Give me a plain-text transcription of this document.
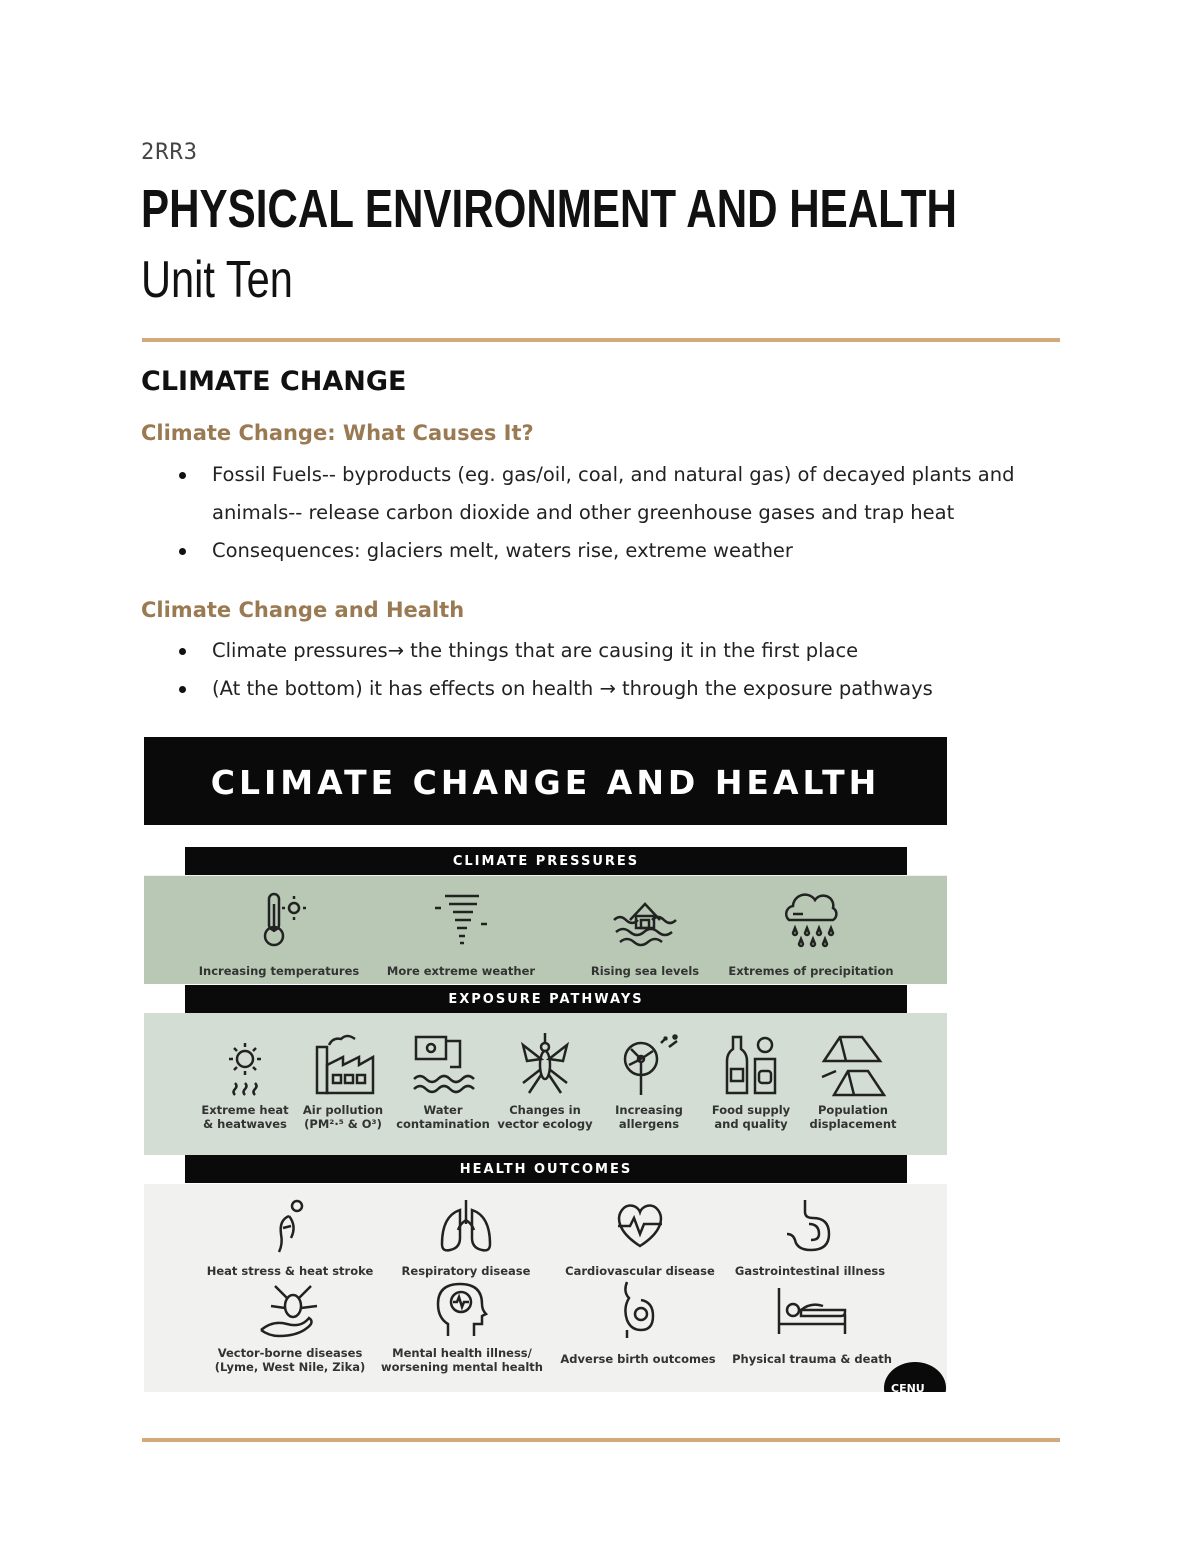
2RR3
PHYSICAL ENVIRONMENT AND HEALTH
Unit Ten
CLIMATE CHANGE
Climate Change: What Causes It?
Fossil Fuels-- byproducts (eg. gas/oil, coal, and natural gas) of decayed plants and animals-- release carbon dioxide and other greenhouse gases and trap heat
Consequences: glaciers melt, waters rise, extreme weather
Climate Change and Health
Climate pressures→ the things that are causing it in the first place
(At the bottom) it has effects on health → through the exposure pathways
CLIMATE CHANGE AND HEALTH
Increasing temperatures	More extreme weather	Rising sea levels	Extremes of precipitation
Extreme heat
& heatwaves
Air pollution
(PM²·⁵ & O³)
Water
contamination
Changes in
vector ecology
Increasing
allergens
Food supply
and quality
Population
displacement
Heat stress & heat stroke	Respiratory disease	Cardiovascular disease	Gastrointestinal illness
Vector-borne diseases
(Lyme, West Nile, Zika)
Mental health illness/
worsening mental health
Adverse birth outcomes	Physical trauma & death
CLIMATE PRESSURES
EXPOSURE PATHWAYS
HEALTH OUTCOMES
CENU
